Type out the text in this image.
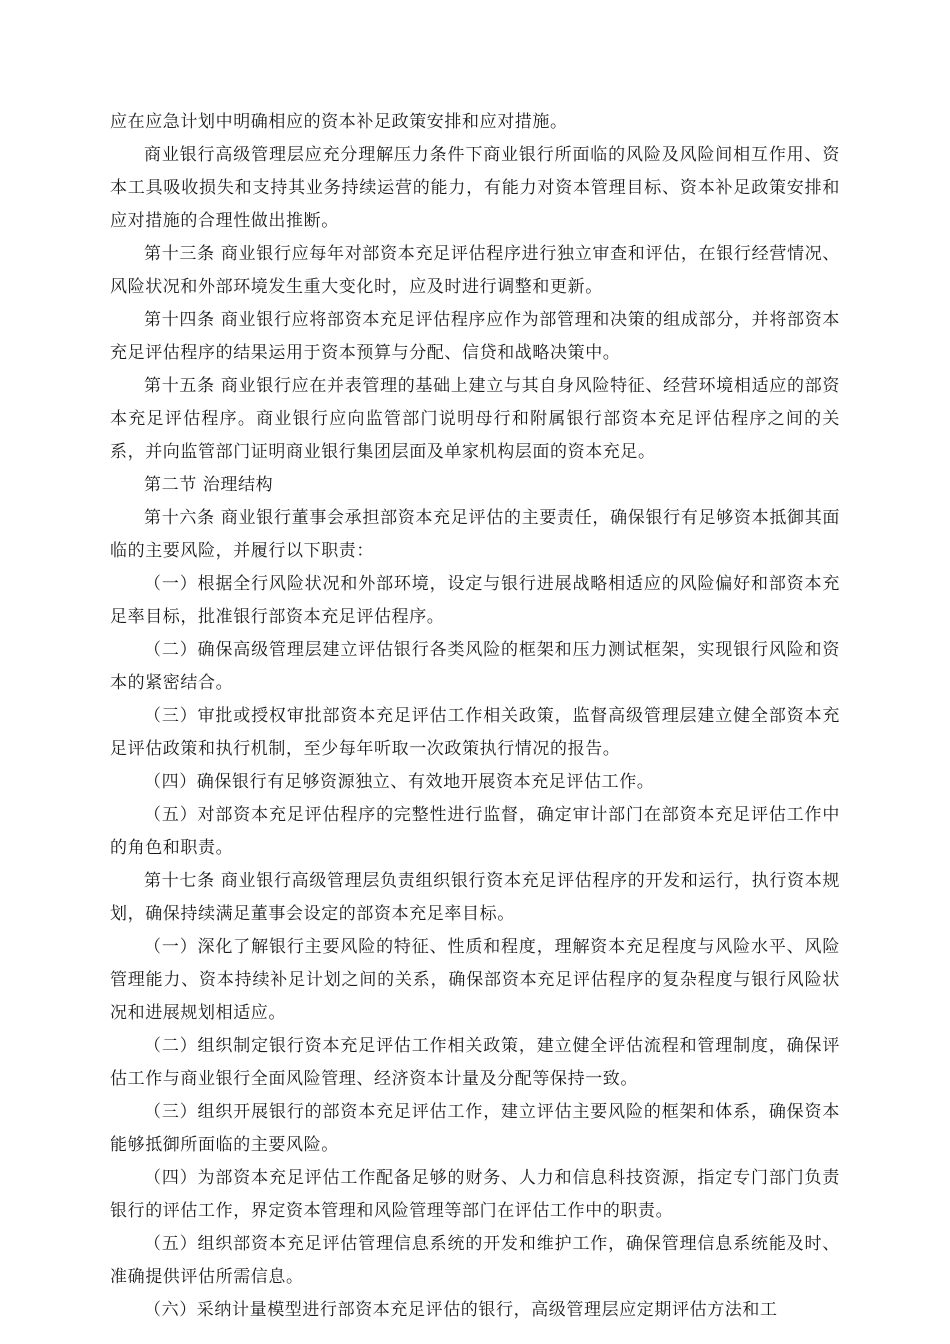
应在应急计划中明确相应的资本补足政策安排和应对措施。

商业银行高级管理层应充分理解压力条件下商业银行所面临的风险及风险间相互作用、资本工具吸收损失和支持其业务持续运营的能力，有能力对资本管理目标、资本补足政策安排和应对措施的合理性做出推断。

第十三条 商业银行应每年对部资本充足评估程序进行独立审查和评估，在银行经营情况、风险状况和外部环境发生重大变化时，应及时进行调整和更新。

第十四条 商业银行应将部资本充足评估程序应作为部管理和决策的组成部分，并将部资本充足评估程序的结果运用于资本预算与分配、信贷和战略决策中。

第十五条 商业银行应在并表管理的基础上建立与其自身风险特征、经营环境相适应的部资本充足评估程序。商业银行应向监管部门说明母行和附属银行部资本充足评估程序之间的关系，并向监管部门证明商业银行集团层面及单家机构层面的资本充足。

第二节 治理结构

第十六条 商业银行董事会承担部资本充足评估的主要责任，确保银行有足够资本抵御其面临的主要风险，并履行以下职责：

（一）根据全行风险状况和外部环境，设定与银行进展战略相适应的风险偏好和部资本充足率目标，批准银行部资本充足评估程序。

（二）确保高级管理层建立评估银行各类风险的框架和压力测试框架，实现银行风险和资本的紧密结合。

（三）审批或授权审批部资本充足评估工作相关政策，监督高级管理层建立健全部资本充足评估政策和执行机制，至少每年听取一次政策执行情况的报告。

（四）确保银行有足够资源独立、有效地开展资本充足评估工作。

（五）对部资本充足评估程序的完整性进行监督，确定审计部门在部资本充足评估工作中的角色和职责。

第十七条 商业银行高级管理层负责组织银行资本充足评估程序的开发和运行，执行资本规划，确保持续满足董事会设定的部资本充足率目标。

（一）深化了解银行主要风险的特征、性质和程度，理解资本充足程度与风险水平、风险管理能力、资本持续补足计划之间的关系，确保部资本充足评估程序的复杂程度与银行风险状况和进展规划相适应。

（二）组织制定银行资本充足评估工作相关政策，建立健全评估流程和管理制度，确保评估工作与商业银行全面风险管理、经济资本计量及分配等保持一致。

（三）组织开展银行的部资本充足评估工作，建立评估主要风险的框架和体系，确保资本能够抵御所面临的主要风险。

（四）为部资本充足评估工作配备足够的财务、人力和信息科技资源，指定专门部门负责银行的评估工作，界定资本管理和风险管理等部门在评估工作中的职责。

（五）组织部资本充足评估管理信息系统的开发和维护工作，确保管理信息系统能及时、准确提供评估所需信息。

（六）采纳计量模型进行部资本充足评估的银行，高级管理层应定期评估方法和工
